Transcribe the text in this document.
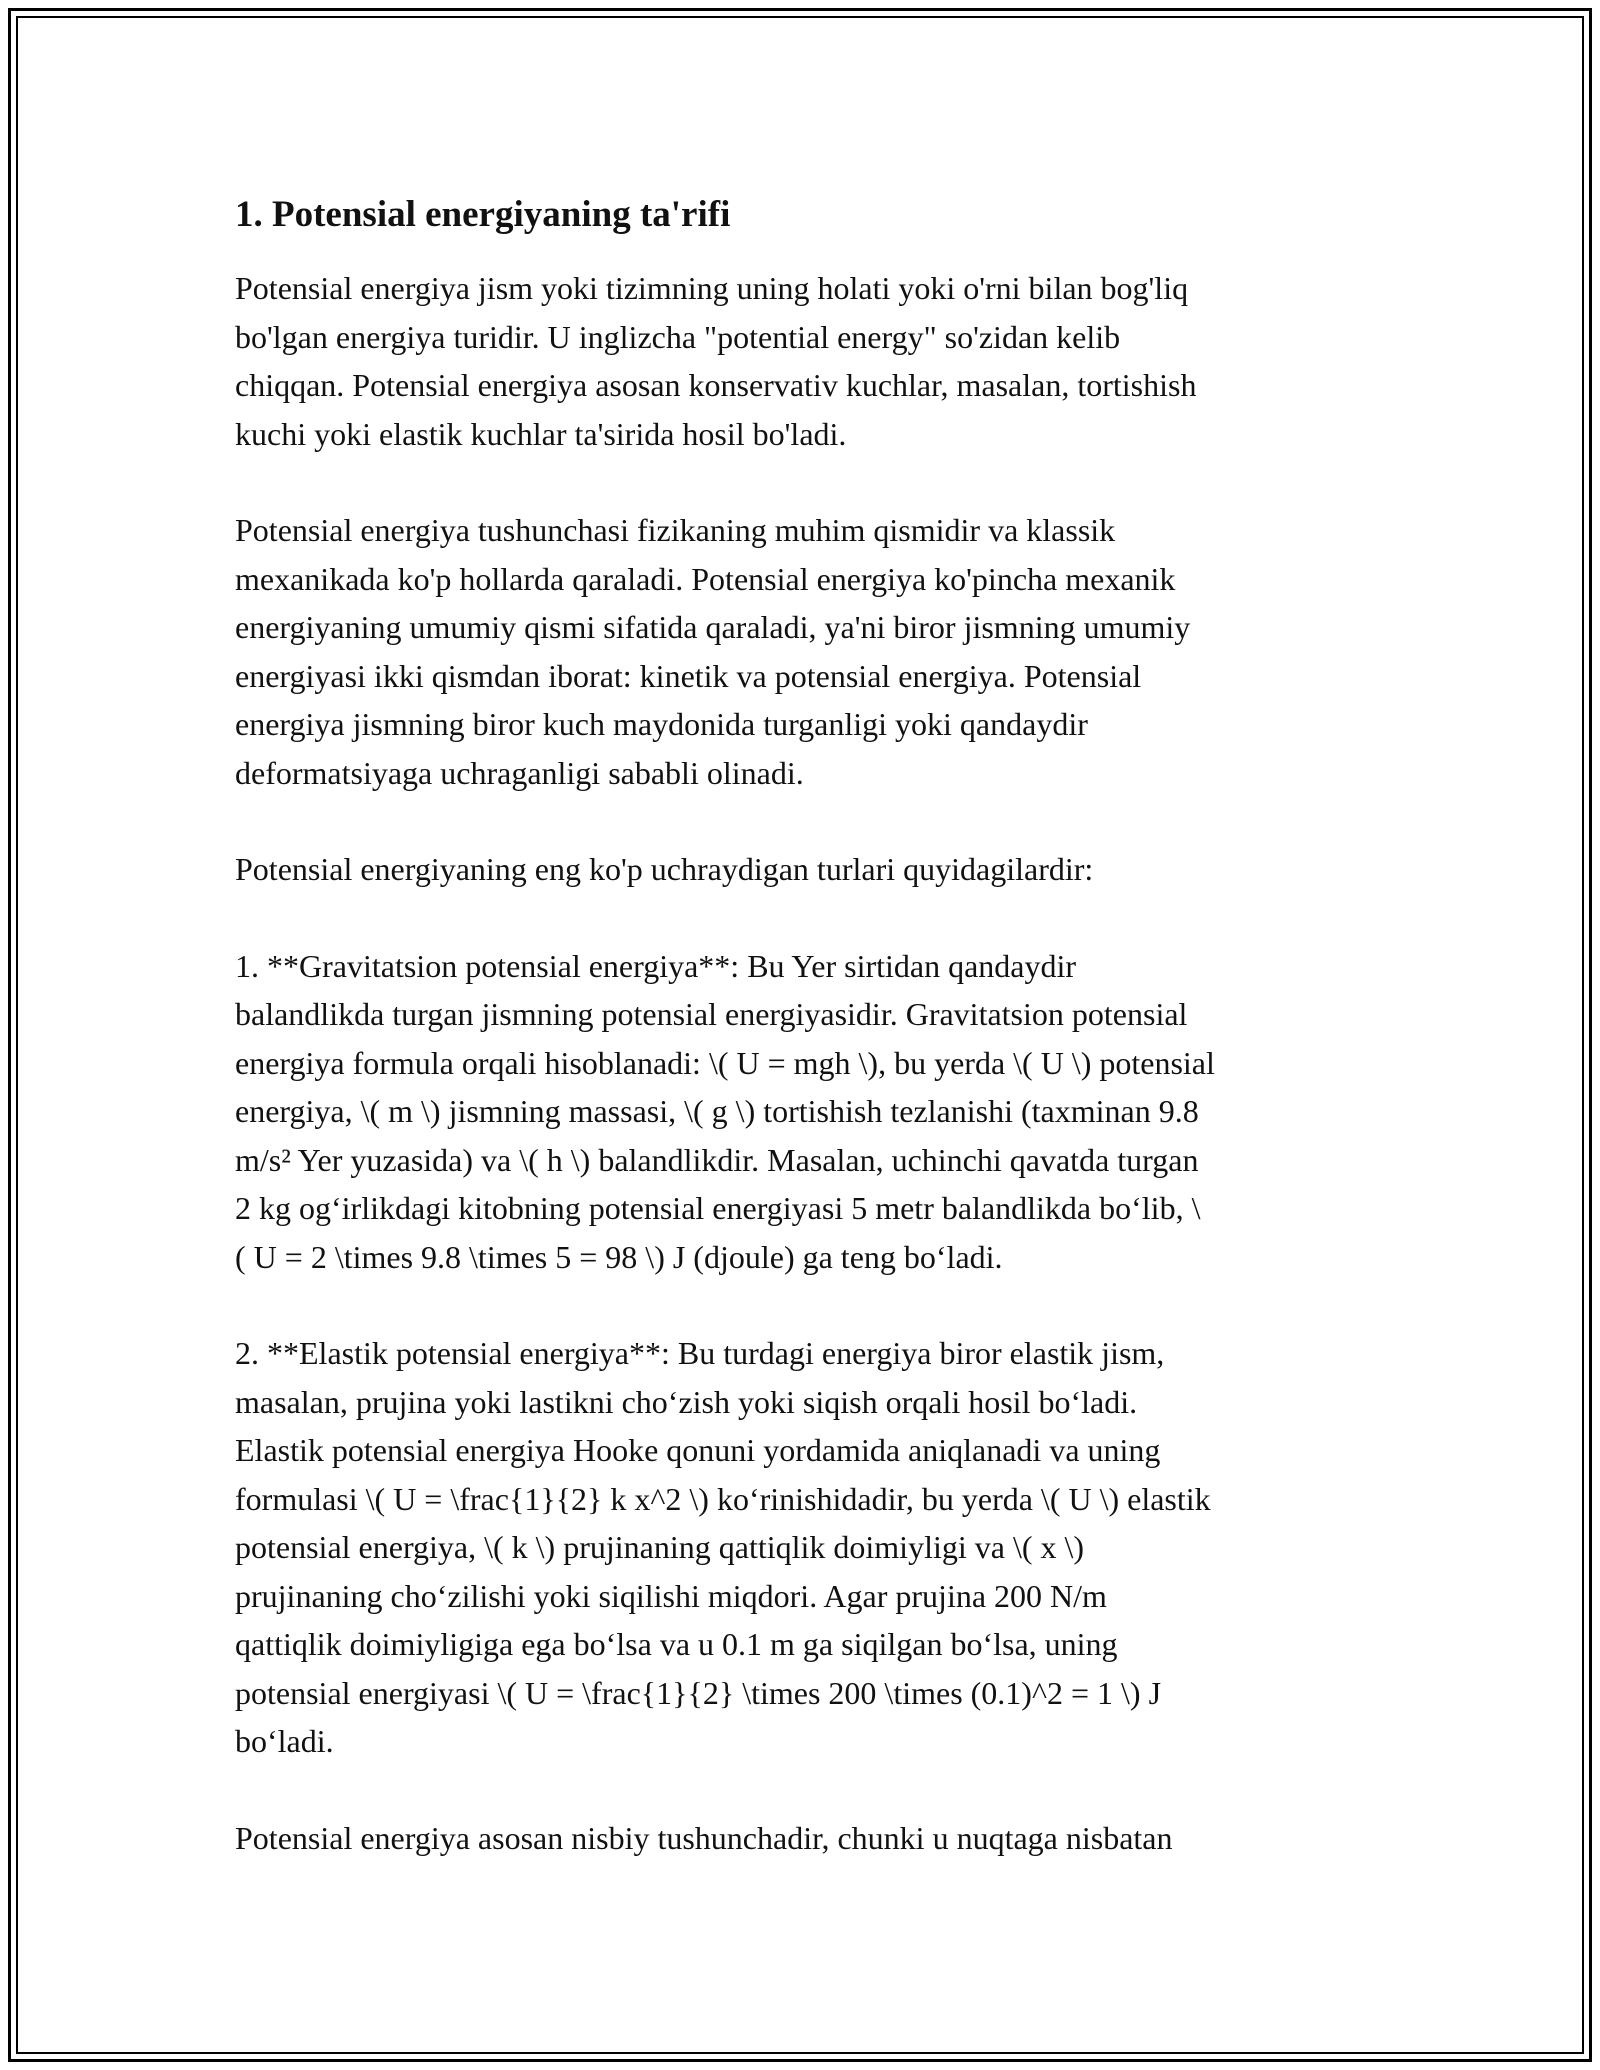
1. Potensial energiyaning ta'rifi

Potensial energiya jism yoki tizimning uning holati yoki o'rni bilan bog'liq
bo'lgan energiya turidir. U inglizcha "potential energy" so'zidan kelib
chiqqan. Potensial energiya asosan konservativ kuchlar, masalan, tortishish
kuchi yoki elastik kuchlar ta'sirida hosil bo'ladi.

Potensial energiya tushunchasi fizikaning muhim qismidir va klassik
mexanikada ko'p hollarda qaraladi. Potensial energiya ko'pincha mexanik
energiyaning umumiy qismi sifatida qaraladi, ya'ni biror jismning umumiy
energiyasi ikki qismdan iborat: kinetik va potensial energiya. Potensial
energiya jismning biror kuch maydonida turganligi yoki qandaydir
deformatsiyaga uchraganligi sababli olinadi.

Potensial energiyaning eng ko'p uchraydigan turlari quyidagilardir:

1. **Gravitatsion potensial energiya**: Bu Yer sirtidan qandaydir
balandlikda turgan jismning potensial energiyasidir. Gravitatsion potensial
energiya formula orqali hisoblanadi: \( U = mgh \), bu yerda \( U \) potensial
energiya, \( m \) jismning massasi, \( g \) tortishish tezlanishi (taxminan 9.8
m/s² Yer yuzasida) va \( h \) balandlikdir. Masalan, uchinchi qavatda turgan
2 kg og‘irlikdagi kitobning potensial energiyasi 5 metr balandlikda bo‘lib, \
( U = 2 \times 9.8 \times 5 = 98 \) J (djoule) ga teng bo‘ladi.

2. **Elastik potensial energiya**: Bu turdagi energiya biror elastik jism,
masalan, prujina yoki lastikni cho‘zish yoki siqish orqali hosil bo‘ladi.
Elastik potensial energiya Hooke qonuni yordamida aniqlanadi va uning
formulasi \( U = \frac{1}{2} k x^2 \) ko‘rinishidadir, bu yerda \( U \) elastik
potensial energiya, \( k \) prujinaning qattiqlik doimiyligi va \( x \)
prujinaning cho‘zilishi yoki siqilishi miqdori. Agar prujina 200 N/m
qattiqlik doimiyligiga ega bo‘lsa va u 0.1 m ga siqilgan bo‘lsa, uning
potensial energiyasi \( U = \frac{1}{2} \times 200 \times (0.1)^2 = 1 \) J
bo‘ladi.

Potensial energiya asosan nisbiy tushunchadir, chunki u nuqtaga nisbatan
